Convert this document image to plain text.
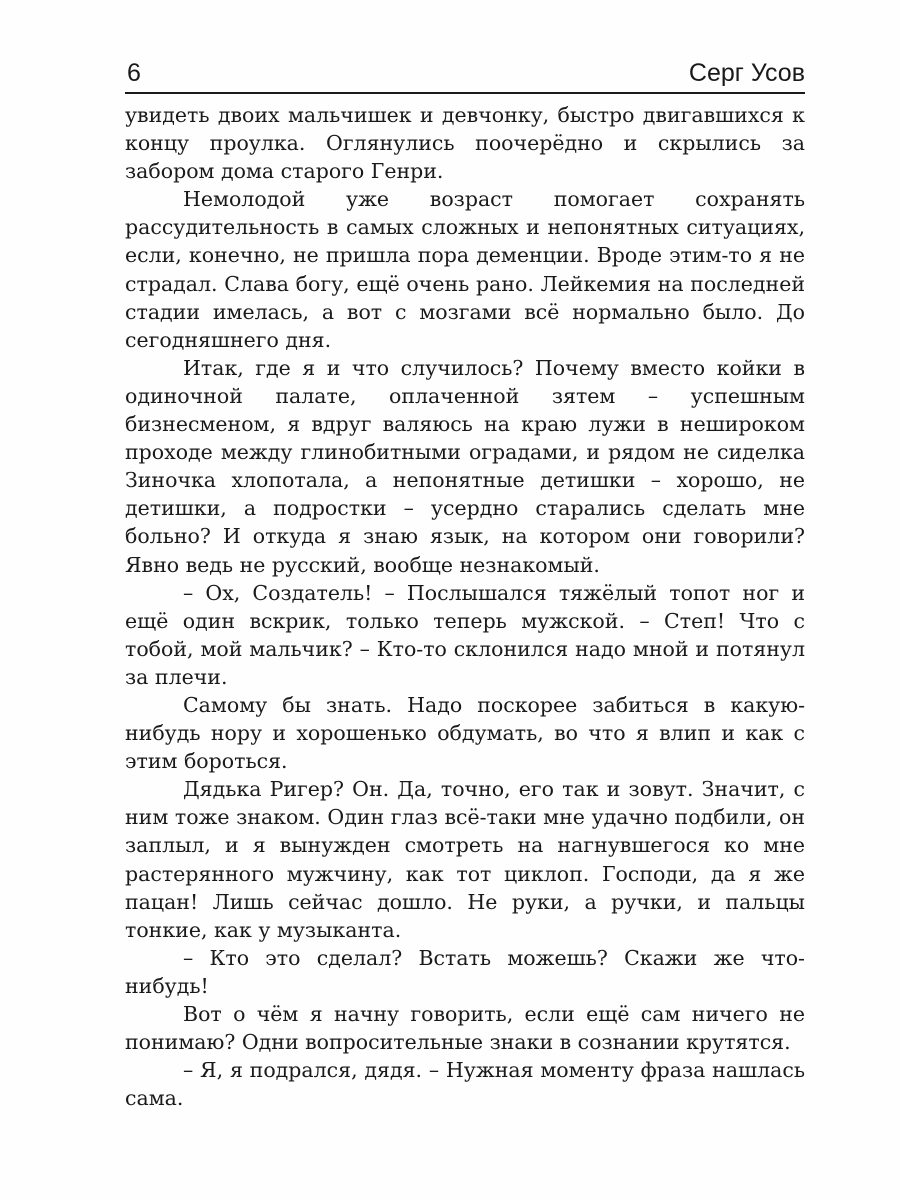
6	Серг Усов

увидеть двоих мальчишек и девчонку, быстро двигавшихся к концу проулка. Оглянулись поочерёдно и скрылись за забором дома старого Генри.

Немолодой уже возраст помогает сохранять рассудительность в самых сложных и непонятных ситуациях, если, конечно, не пришла пора деменции. Вроде этим-то я не страдал. Слава богу, ещё очень рано. Лейкемия на последней стадии имелась, а вот с мозгами всё нормально было. До сегодняшнего дня.

Итак, где я и что случилось? Почему вместо койки в одиночной палате, оплаченной зятем – успешным бизнесменом, я вдруг валяюсь на краю лужи в нешироком проходе между глинобитными оградами, и рядом не сиделка Зиночка хлопотала, а непонятные детишки – хорошо, не детишки, а подростки – усердно старались сделать мне больно? И откуда я знаю язык, на котором они говорили? Явно ведь не русский, вообще незнакомый.

– Ох, Создатель! – Послышался тяжёлый топот ног и ещё один вскрик, только теперь мужской. – Степ! Что с тобой, мой мальчик? – Кто-то склонился надо мной и потянул за плечи.

Самому бы знать. Надо поскорее забиться в какую-нибудь нору и хорошенько обдумать, во что я влип и как с этим бороться.

Дядька Ригер? Он. Да, точно, его так и зовут. Значит, с ним тоже знаком. Один глаз всё-таки мне удачно подбили, он заплыл, и я вынужден смотреть на нагнувшегося ко мне растерянного мужчину, как тот циклоп. Господи, да я же пацан! Лишь сейчас дошло. Не руки, а ручки, и пальцы тонкие, как у музыканта.

– Кто это сделал? Встать можешь? Скажи же что-нибудь!

Вот о чём я начну говорить, если ещё сам ничего не понимаю? Одни вопросительные знаки в сознании крутятся.

– Я, я подрался, дядя. – Нужная моменту фраза нашлась сама.
